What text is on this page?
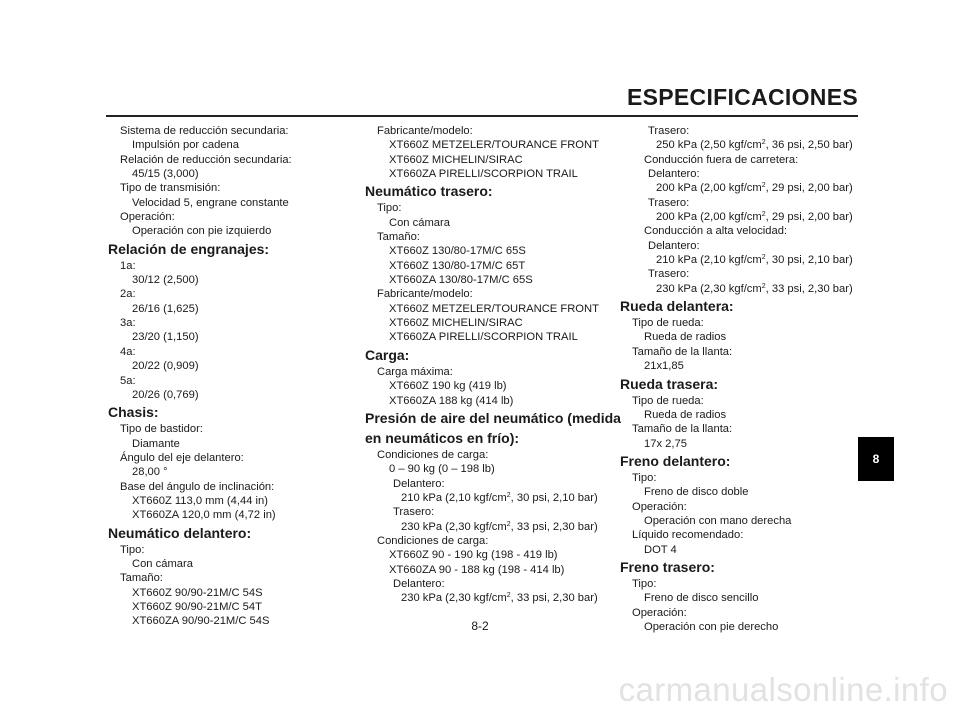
ESPECIFICACIONES
Sistema de reducción secundaria:
Impulsión por cadena
Relación de reducción secundaria:
45/15 (3,000)
Tipo de transmisión:
Velocidad 5, engrane constante
Operación:
Operación con pie izquierdo
Relación de engranajes:
1a:
30/12 (2,500)
2a:
26/16 (1,625)
3a:
23/20 (1,150)
4a:
20/22 (0,909)
5a:
20/26 (0,769)
Chasis:
Tipo de bastidor:
Diamante
Ángulo del eje delantero:
28,00 °
Base del ángulo de inclinación:
XT660Z 113,0 mm (4,44 in)
XT660ZA 120,0 mm (4,72 in)
Neumático delantero:
Tipo:
Con cámara
Tamaño:
XT660Z 90/90-21M/C 54S
XT660Z 90/90-21M/C 54T
XT660ZA 90/90-21M/C 54S
Fabricante/modelo:
XT660Z METZELER/TOURANCE FRONT
XT660Z MICHELIN/SIRAC
XT660ZA PIRELLI/SCORPION TRAIL
Neumático trasero:
Tipo:
Con cámara
Tamaño:
XT660Z 130/80-17M/C 65S
XT660Z 130/80-17M/C 65T
XT660ZA 130/80-17M/C 65S
Fabricante/modelo:
XT660Z METZELER/TOURANCE FRONT
XT660Z MICHELIN/SIRAC
XT660ZA PIRELLI/SCORPION TRAIL
Carga:
Carga máxima:
XT660Z 190 kg (419 lb)
XT660ZA 188 kg (414 lb)
Presión de aire del neumático (medida
en neumáticos en frío):
Condiciones de carga:
0 – 90 kg (0 – 198 lb)
Delantero:
210 kPa (2,10 kgf/$cm^2$, 30 psi, 2,10 bar)
Trasero:
230 kPa (2,30 kgf/$cm^2$, 33 psi, 2,30 bar)
Condiciones de carga:
XT660Z 90 - 190 kg (198 - 419 lb)
XT660ZA 90 - 188 kg (198 - 414 lb)
Delantero:
230 kPa (2,30 kgf/$cm^2$, 33 psi, 2,30 bar)
Trasero:
250 kPa (2,50 kgf/$cm^2$, 36 psi, 2,50 bar)
Conducción fuera de carretera:
Delantero:
200 kPa (2,00 kgf/$cm^2$, 29 psi, 2,00 bar)
Trasero:
200 kPa (2,00 kgf/$cm^2$, 29 psi, 2,00 bar)
Conducción a alta velocidad:
Delantero:
210 kPa (2,10 kgf/$cm^2$, 30 psi, 2,10 bar)
Trasero:
230 kPa (2,30 kgf/$cm^2$, 33 psi, 2,30 bar)
Rueda delantera:
Tipo de rueda:
Rueda de radios
Tamaño de la llanta:
21x1,85
Rueda trasera:
Tipo de rueda:
Rueda de radios
Tamaño de la llanta:
17x 2,75
Freno delantero:
Tipo:
Freno de disco doble
Operación:
Operación con mano derecha
Líquido recomendado:
DOT 4
Freno trasero:
Tipo:
Freno de disco sencillo
Operación:
Operación con pie derecho
8-2
8
carmanualsonline.info
